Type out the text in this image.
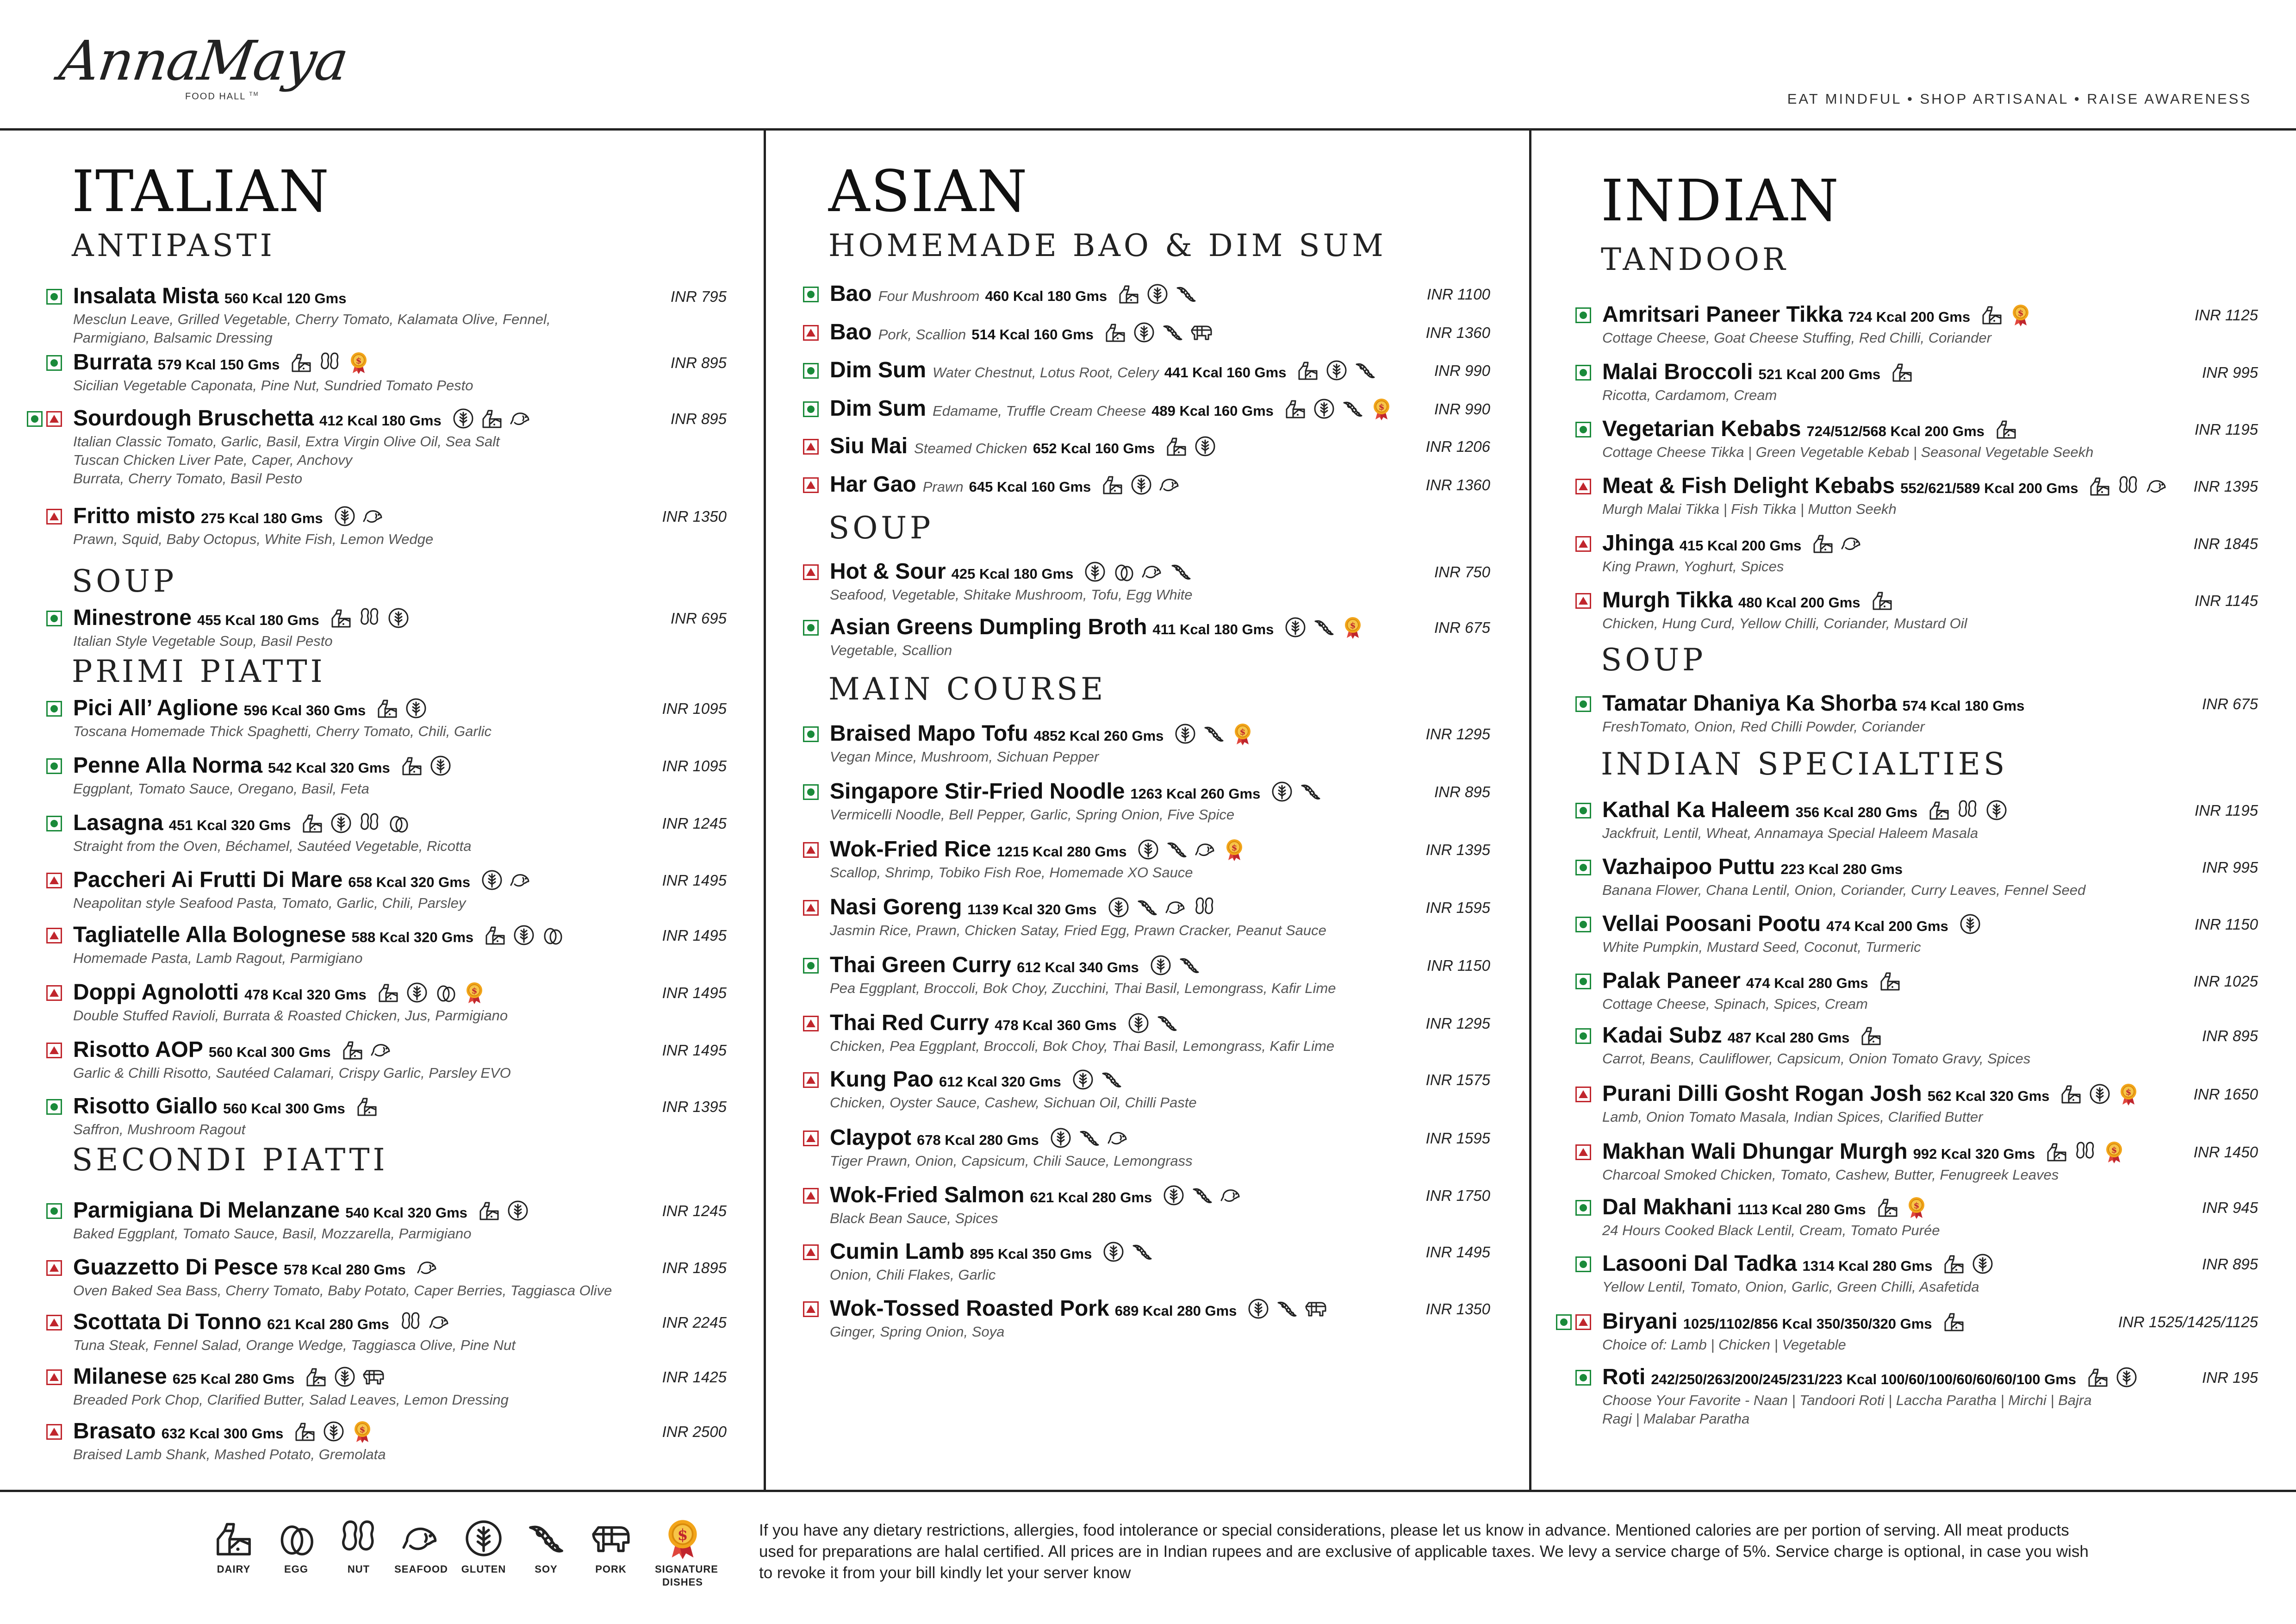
AnnaMaya
FOOD HALL ™	EAT MINDFUL • SHOP ARTISANAL • RAISE AWARENESS
ITALIAN
ANTIPASTI
Insalata Mista 560 Kcal 120 Gms
Mesclun Leave, Grilled Vegetable, Cherry Tomato, Kalamata Olive, Fennel,
Parmigiano, Balsamic Dressing
INR 795
Burrata 579 Kcal 150 Gms	$
Sicilian Vegetable Caponata, Pine Nut, Sundried Tomato Pesto
INR 895
Sourdough Bruschetta 412 Kcal 180 Gms
Italian Classic Tomato, Garlic, Basil, Extra Virgin Olive Oil, Sea Salt
Tuscan Chicken Liver Pate, Caper, Anchovy
Burrata, Cherry Tomato, Basil Pesto
INR 895
Fritto misto 275 Kcal 180 Gms
Prawn, Squid, Baby Octopus, White Fish, Lemon Wedge
INR 1350
SOUP
Minestrone 455 Kcal 180 Gms
Italian Style Vegetable Soup, Basil Pesto
INR 695
PRIMI PIATTI
Pici All’ Aglione 596 Kcal 360 Gms
Toscana Homemade Thick Spaghetti, Cherry Tomato, Chili, Garlic
INR 1095
Penne Alla Norma 542 Kcal 320 Gms
Eggplant, Tomato Sauce, Oregano, Basil, Feta
INR 1095
Lasagna 451 Kcal 320 Gms
Straight from the Oven, Béchamel, Sautéed Vegetable, Ricotta
INR 1245
Paccheri Ai Frutti Di Mare 658 Kcal 320 Gms
Neapolitan style Seafood Pasta, Tomato, Garlic, Chili, Parsley
INR 1495
Tagliatelle Alla Bolognese 588 Kcal 320 Gms
Homemade Pasta, Lamb Ragout, Parmigiano
INR 1495
Doppi Agnolotti 478 Kcal 320 Gms	$
Double Stuffed Ravioli, Burrata & Roasted Chicken, Jus, Parmigiano
INR 1495
Risotto AOP 560 Kcal 300 Gms
Garlic & Chilli Risotto, Sautéed Calamari, Crispy Garlic, Parsley EVO
INR 1495
Risotto Giallo 560 Kcal 300 Gms
Saffron, Mushroom Ragout
INR 1395
SECONDI PIATTI
Parmigiana Di Melanzane 540 Kcal 320 Gms
Baked Eggplant, Tomato Sauce, Basil, Mozzarella, Parmigiano
INR 1245
Guazzetto Di Pesce 578 Kcal 280 Gms
Oven Baked Sea Bass, Cherry Tomato, Baby Potato, Caper Berries, Taggiasca Olive
INR 1895
Scottata Di Tonno 621 Kcal 280 Gms
Tuna Steak, Fennel Salad, Orange Wedge, Taggiasca Olive, Pine Nut
INR 2245
Milanese 625 Kcal 280 Gms
Breaded Pork Chop, Clarified Butter, Salad Leaves, Lemon Dressing
INR 1425
Brasato 632 Kcal 300 Gms	$
Braised Lamb Shank, Mashed Potato, Gremolata
INR 2500
ASIAN
HOMEMADE BAO & DIM SUM
Bao Four Mushroom 460 Kcal 180 Gms	INR 1100
Bao Pork, Scallion 514 Kcal 160 Gms	INR 1360
Dim Sum Water Chestnut, Lotus Root, Celery 441 Kcal 160 Gms	INR 990
Dim Sum Edamame, Truffle Cream Cheese 489 Kcal 160 Gms	$	INR 990
Siu Mai Steamed Chicken 652 Kcal 160 Gms	INR 1206
Har Gao Prawn 645 Kcal 160 Gms	INR 1360
SOUP
Hot & Sour 425 Kcal 180 Gms
Seafood, Vegetable, Shitake Mushroom, Tofu, Egg White
INR 750
Asian Greens Dumpling Broth 411 Kcal 180 Gms	$
Vegetable, Scallion
INR 675
MAIN COURSE
Braised Mapo Tofu 4852 Kcal 260 Gms	$
Vegan Mince, Mushroom, Sichuan Pepper
INR 1295
Singapore Stir-Fried Noodle 1263 Kcal 260 Gms
Vermicelli Noodle, Bell Pepper, Garlic, Spring Onion, Five Spice
INR 895
Wok-Fried Rice 1215 Kcal 280 Gms	$
Scallop, Shrimp, Tobiko Fish Roe, Homemade XO Sauce
INR 1395
Nasi Goreng 1139 Kcal 320 Gms
Jasmin Rice, Prawn, Chicken Satay, Fried Egg, Prawn Cracker, Peanut Sauce
INR 1595
Thai Green Curry 612 Kcal 340 Gms
Pea Eggplant, Broccoli, Bok Choy, Zucchini, Thai Basil, Lemongrass, Kafir Lime
INR 1150
Thai Red Curry 478 Kcal 360 Gms
Chicken, Pea Eggplant, Broccoli, Bok Choy, Thai Basil, Lemongrass, Kafir Lime
INR 1295
Kung Pao 612 Kcal 320 Gms
Chicken, Oyster Sauce, Cashew, Sichuan Oil, Chilli Paste
INR 1575
Claypot 678 Kcal 280 Gms
Tiger Prawn, Onion, Capsicum, Chili Sauce, Lemongrass
INR 1595
Wok-Fried Salmon 621 Kcal 280 Gms
Black Bean Sauce, Spices
INR 1750
Cumin Lamb 895 Kcal 350 Gms
Onion, Chili Flakes, Garlic
INR 1495
Wok-Tossed Roasted Pork 689 Kcal 280 Gms
Ginger, Spring Onion, Soya
INR 1350
INDIAN
TANDOOR
Amritsari Paneer Tikka 724 Kcal 200 Gms	$
Cottage Cheese, Goat Cheese Stuffing, Red Chilli, Coriander
INR 1125
Malai Broccoli 521 Kcal 200 Gms
Ricotta, Cardamom, Cream
INR 995
Vegetarian Kebabs 724/512/568 Kcal 200 Gms
Cottage Cheese Tikka | Green Vegetable Kebab | Seasonal Vegetable Seekh
INR 1195
Meat & Fish Delight Kebabs 552/621/589 Kcal 200 Gms
Murgh Malai Tikka | Fish Tikka | Mutton Seekh
INR 1395
Jhinga 415 Kcal 200 Gms
King Prawn, Yoghurt, Spices
INR 1845
Murgh Tikka 480 Kcal 200 Gms
Chicken, Hung Curd, Yellow Chilli, Coriander, Mustard Oil
INR 1145
SOUP
Tamatar Dhaniya Ka Shorba 574 Kcal 180 Gms
FreshTomato, Onion, Red Chilli Powder, Coriander
INR 675
INDIAN SPECIALTIES
Kathal Ka Haleem 356 Kcal 280 Gms
Jackfruit, Lentil, Wheat, Annamaya Special Haleem Masala
INR 1195
Vazhaipoo Puttu 223 Kcal 280 Gms
Banana Flower, Chana Lentil, Onion, Coriander, Curry Leaves, Fennel Seed
INR 995
Vellai Poosani Pootu 474 Kcal 200 Gms
White Pumpkin, Mustard Seed, Coconut, Turmeric
INR 1150
Palak Paneer 474 Kcal 280 Gms
Cottage Cheese, Spinach, Spices, Cream
INR 1025
Kadai Subz 487 Kcal 280 Gms
Carrot, Beans, Cauliflower, Capsicum, Onion Tomato Gravy, Spices
INR 895
Purani Dilli Gosht Rogan Josh 562 Kcal 320 Gms	$
Lamb, Onion Tomato Masala, Indian Spices, Clarified Butter
INR 1650
Makhan Wali Dhungar Murgh 992 Kcal 320 Gms	$
Charcoal Smoked Chicken, Tomato, Cashew, Butter, Fenugreek Leaves
INR 1450
Dal Makhani 1113 Kcal 280 Gms	$
24 Hours Cooked Black Lentil, Cream, Tomato Purée
INR 945
Lasooni Dal Tadka 1314 Kcal 280 Gms
Yellow Lentil, Tomato, Onion, Garlic, Green Chilli, Asafetida
INR 895
Biryani 1025/1102/856 Kcal 350/350/320 Gms
Choice of: Lamb | Chicken | Vegetable
INR 1525/1425/1125
Roti 242/250/263/200/245/231/223 Kcal 100/60/100/60/60/60/100 Gms
Choose Your Favorite - Naan | Tandoori Roti | Laccha Paratha | Mirchi | Bajra
Ragi | Malabar Paratha
INR 195
DAIRY	EGG	NUT	SEAFOOD	GLUTEN	SOY	PORK
$
SIGNATURE DISHES
If you have any dietary restrictions, allergies, food intolerance or special considerations, please let us know in advance. Mentioned calories are per portion of serving. All meat products used for preparations are halal certified. All prices are in Indian rupees and are exclusive of applicable taxes. We levy a service charge of 5%. Service charge is optional, in case you wish to revoke it from your bill kindly let your server know
